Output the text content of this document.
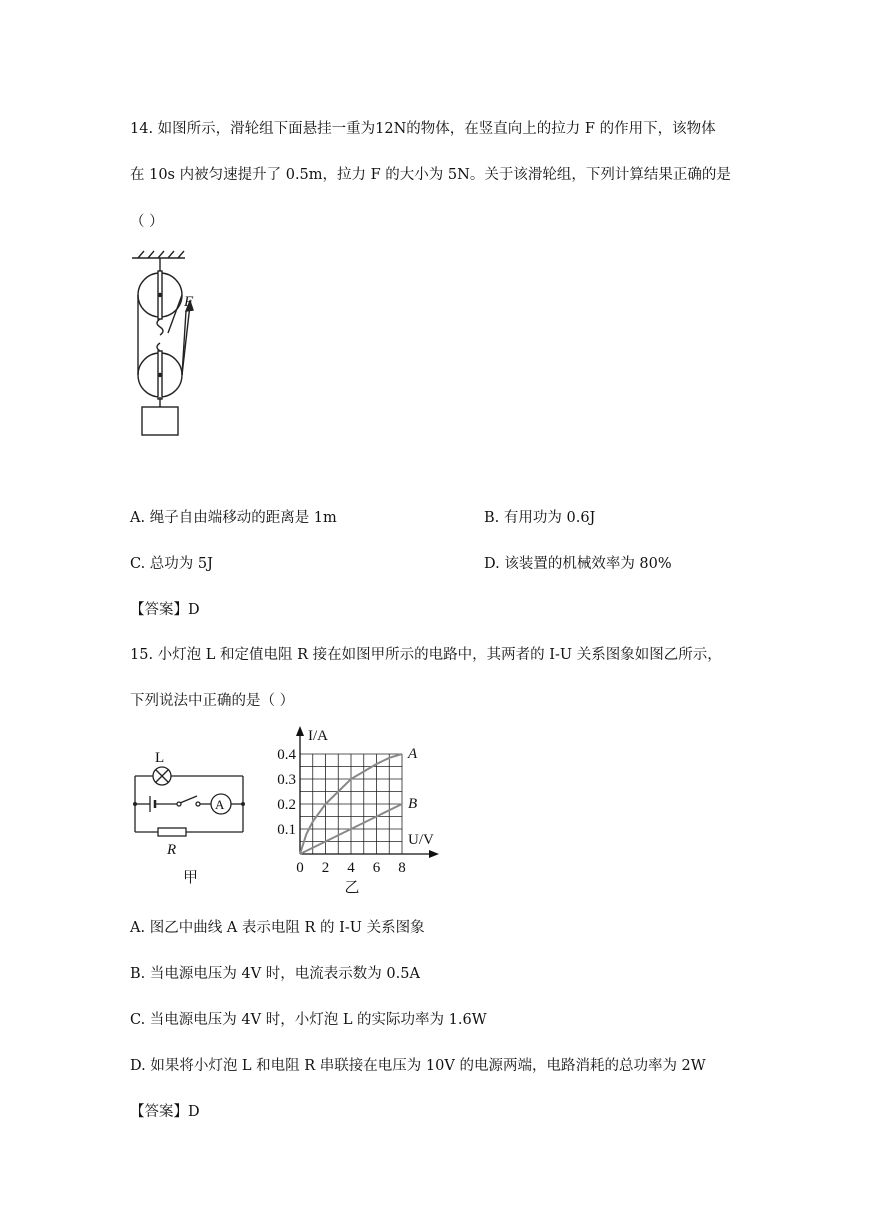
14. 如图所示，滑轮组下面悬挂一重为12N的物体，在竖直向上的拉力 F 的作用下，该物体
在 10s 内被匀速提升了 0.5m，拉力 F 的大小为 5N。关于该滑轮组，下列计算结果正确的是
（ ）
F
A. 绳子自由端移动的距离是 1m	B. 有用功为 0.6J
C. 总功为 5J	D. 该装置的机械效率为 80%
【答案】D
15. 小灯泡 L 和定值电阻 R 接在如图甲所示的电路中，其两者的 I-U 关系图象如图乙所示，
下列说法中正确的是（ ）
L
A
R
甲
A
B
0.1
0.2
0.3
0.4
0 2 4 6 8
I/A
U/V
乙
A. 图乙中曲线 A 表示电阻 R 的 I-U 关系图象
B. 当电源电压为 4V 时，电流表示数为 0.5A
C. 当电源电压为 4V 时，小灯泡 L 的实际功率为 1.6W
D. 如果将小灯泡 L 和电阻 R 串联接在电压为 10V 的电源两端，电路消耗的总功率为 2W
【答案】D
